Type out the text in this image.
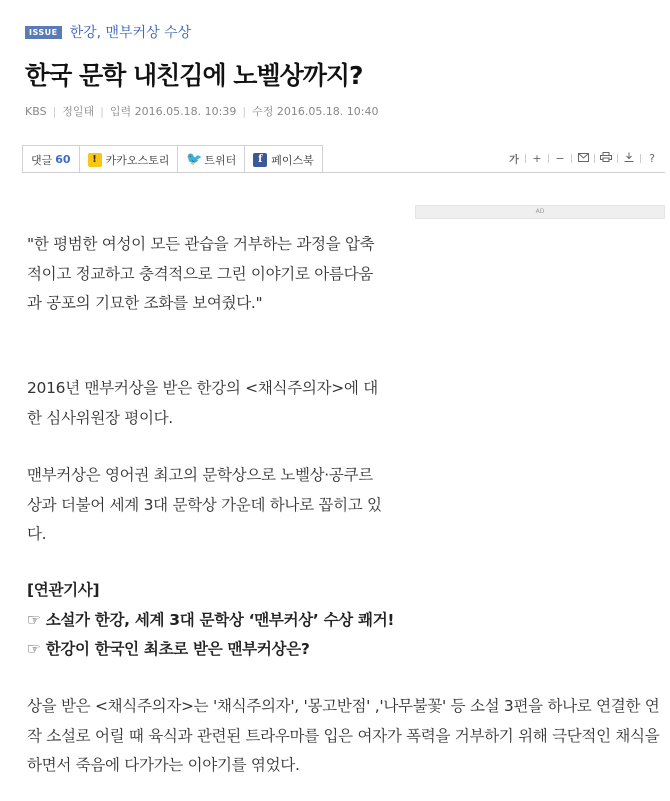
ISSUE 한강, 맨부커상 수상
한국 문학 내친김에 노벨상까지?
KBS | 정일태 | 입력
2016.05.18. 10:39 | 수정
2016.05.18. 10:40
댓글 60	! 카카오스토리 🐦 트위터	f 페이스북	가 + −	?
AD

"한 평범한 여성이 모든 관습을 거부하는 과정을 압축적이고 정교하고 충격적으로 그린 이야기로 아름다움과 공포의 기묘한 조화를 보여줬다."

2016년 맨부커상을 받은 한강의 <채식주의자>에 대한 심사위원장 평이다.

맨부커상은 영어권 최고의 문학상으로 노벨상·공쿠르상과 더불어 세계 3대 문학상 가운데 하나로 꼽히고 있다.

[연관기사]
☞ 소설가 한강, 세계 3대 문학상 ‘맨부커상’ 수상 쾌거!
☞ 한강이 한국인 최초로 받은 맨부커상은?

상을 받은 <채식주의자>는 '채식주의자', '몽고반점' ,'나무불꽃' 등 소설 3편을 하나로 연결한 연작 소설로 어릴 때 육식과 관련된 트라우마를 입은 여자가 폭력을 거부하기 위해 극단적인 채식을 하면서 죽음에 다가가는 이야기를 엮었다.
